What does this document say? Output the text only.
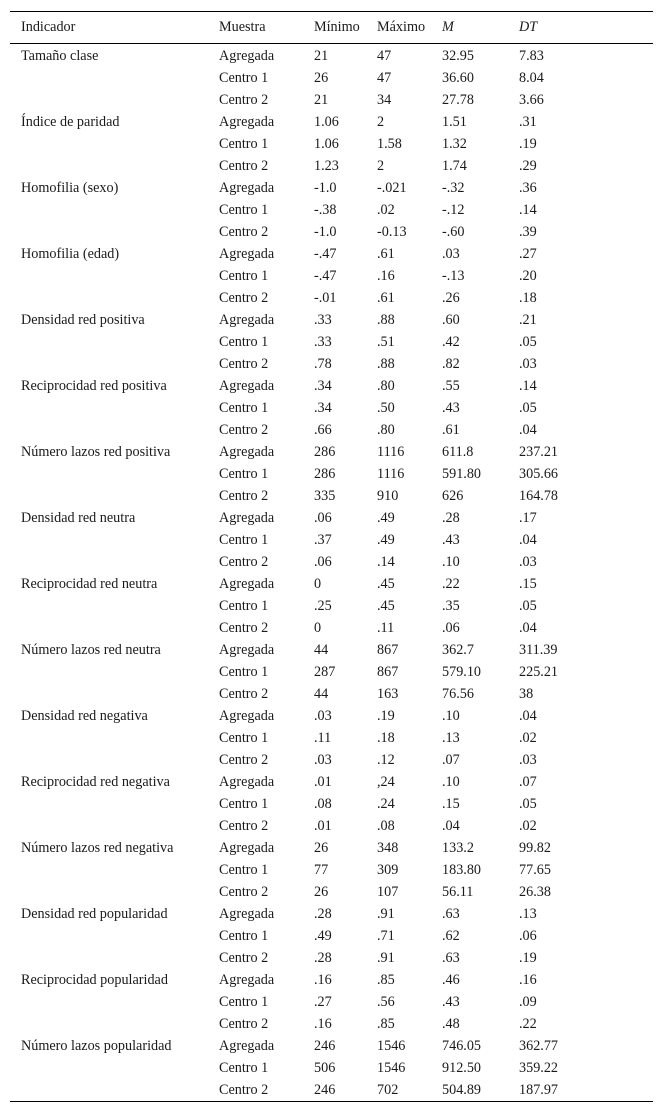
Indicador	Muestra	Mínimo	Máximo	M	DT
Tamaño clase	Agregada	21	47	32.95	7.83
	Centro 1	26	47	36.60	8.04
	Centro 2	21	34	27.78	3.66
Índice de paridad	Agregada	1.06	2	1.51	.31
	Centro 1	1.06	1.58	1.32	.19
	Centro 2	1.23	2	1.74	.29
Homofilia (sexo)	Agregada	-1.0	-.021	-.32	.36
	Centro 1	-.38	.02	-.12	.14
	Centro 2	-1.0	-0.13	-.60	.39
Homofilia (edad)	Agregada	-.47	.61	.03	.27
	Centro 1	-.47	.16	-.13	.20
	Centro 2	-.01	.61	.26	.18
Densidad red positiva	Agregada	.33	.88	.60	.21
	Centro 1	.33	.51	.42	.05
	Centro 2	.78	.88	.82	.03
Reciprocidad red positiva	Agregada	.34	.80	.55	.14
	Centro 1	.34	.50	.43	.05
	Centro 2	.66	.80	.61	.04
Número lazos red positiva	Agregada	286	1116	611.8	237.21
	Centro 1	286	1116	591.80	305.66
	Centro 2	335	910	626	164.78
Densidad red neutra	Agregada	.06	.49	.28	.17
	Centro 1	.37	.49	.43	.04
	Centro 2	.06	.14	.10	.03
Reciprocidad red neutra	Agregada	0	.45	.22	.15
	Centro 1	.25	.45	.35	.05
	Centro 2	0	.11	.06	.04
Número lazos red neutra	Agregada	44	867	362.7	311.39
	Centro 1	287	867	579.10	225.21
	Centro 2	44	163	76.56	38
Densidad red negativa	Agregada	.03	.19	.10	.04
	Centro 1	.11	.18	.13	.02
	Centro 2	.03	.12	.07	.03
Reciprocidad red negativa	Agregada	.01	,24	.10	.07
	Centro 1	.08	.24	.15	.05
	Centro 2	.01	.08	.04	.02
Número lazos red negativa	Agregada	26	348	133.2	99.82
	Centro 1	77	309	183.80	77.65
	Centro 2	26	107	56.11	26.38
Densidad red popularidad	Agregada	.28	.91	.63	.13
	Centro 1	.49	.71	.62	.06
	Centro 2	.28	.91	.63	.19
Reciprocidad popularidad	Agregada	.16	.85	.46	.16
	Centro 1	.27	.56	.43	.09
	Centro 2	.16	.85	.48	.22
Número lazos popularidad	Agregada	246	1546	746.05	362.77
	Centro 1	506	1546	912.50	359.22
	Centro 2	246	702	504.89	187.97
